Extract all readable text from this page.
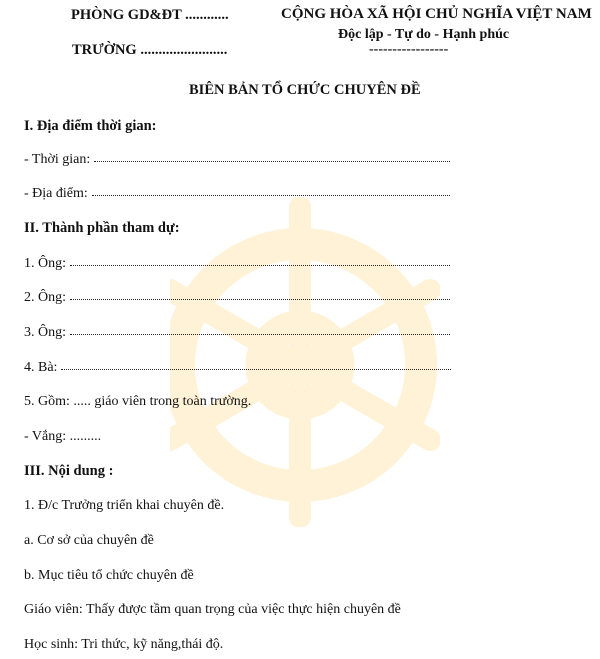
PHÒNG GD&ĐT ............
TRƯỜNG ........................
CỘNG HÒA XÃ HỘI CHỦ NGHĨA VIỆT NAM
Độc lập - Tự do - Hạnh phúc
-----------------
BIÊN BẢN TỔ CHỨC CHUYÊN ĐỀ
I. Địa điểm thời gian:
- Thời gian:
- Địa điểm:
II. Thành phần tham dự:
1. Ông:
2. Ông:
3. Ông:
4. Bà:
5. Gồm: ..... giáo viên trong toàn trường.
- Vắng: .........
III. Nội dung :
1. Đ/c Trưởng triển khai chuyên đề.
a. Cơ sở của chuyên đề
b. Mục tiêu tổ chức chuyên đề
Giáo viên: Thấy được tầm quan trọng của việc thực hiện chuyên đề
Học sinh: Tri thức, kỹ năng,thái độ.
